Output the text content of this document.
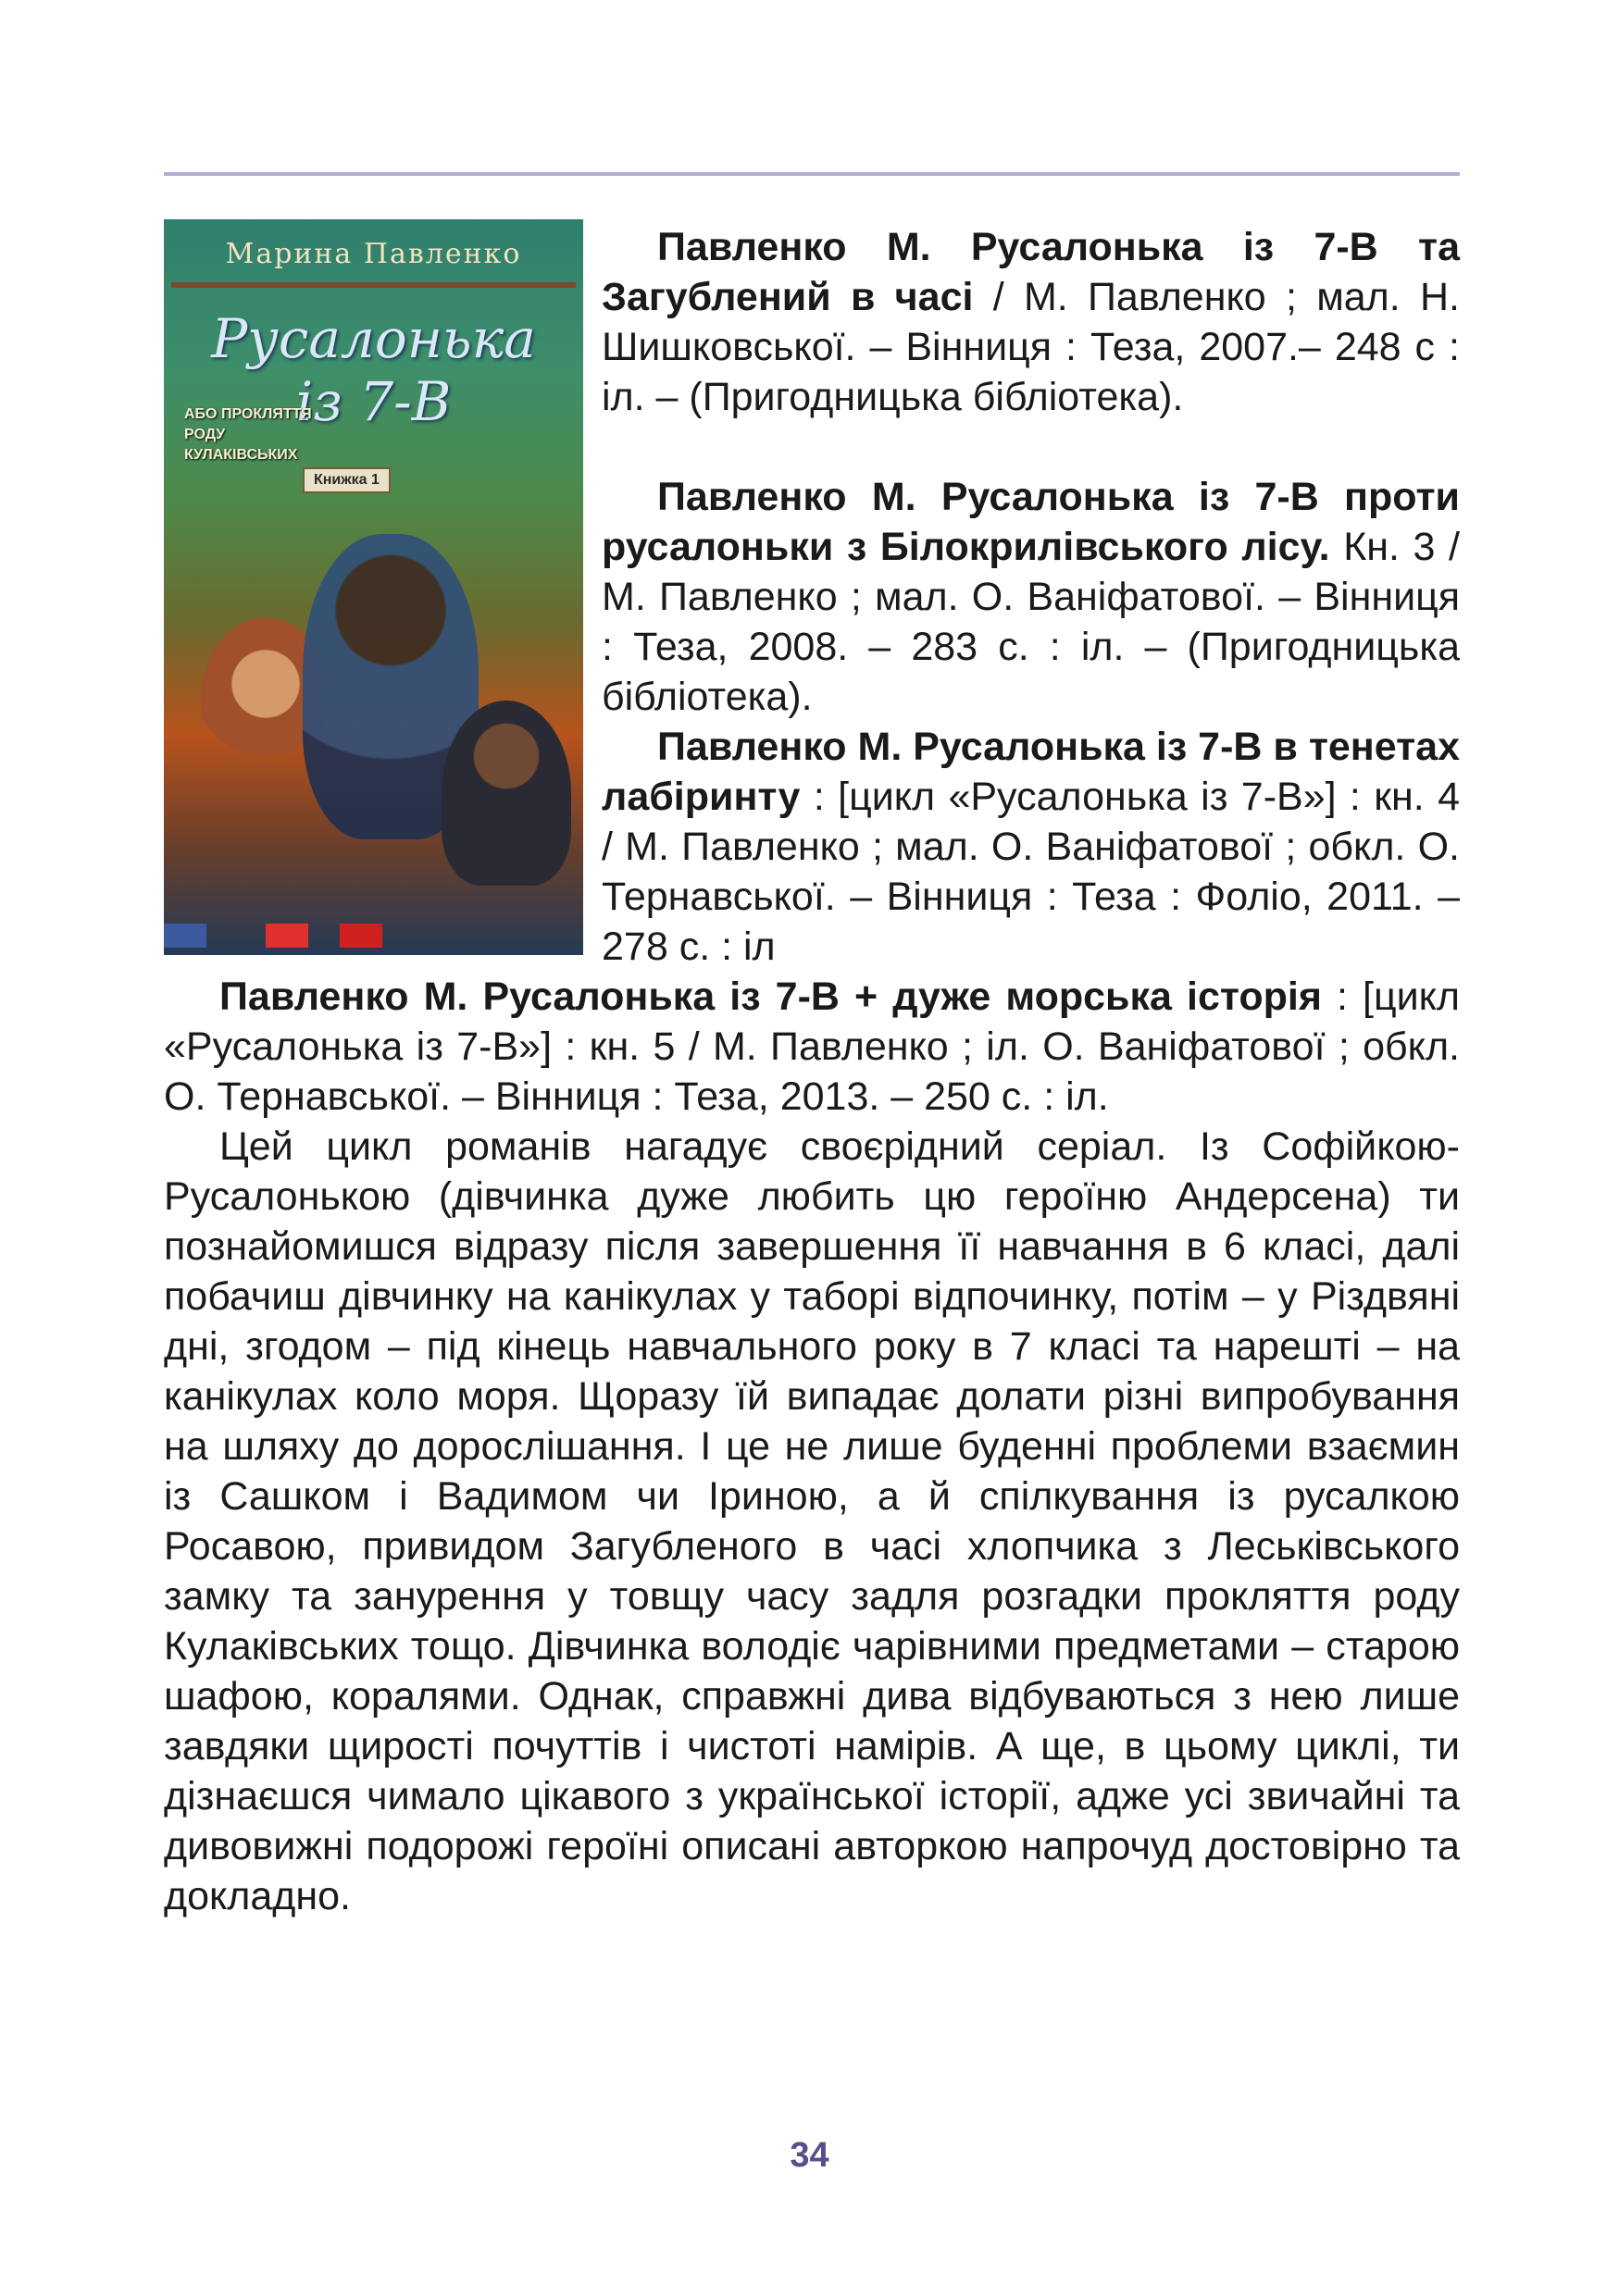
Марина Павленко
Русалонька із 7-В
АБО ПРОКЛЯТТЯ РОДУ КУЛАКІВСЬКИХ
Книжка 1

Павленко М. Русалонька із 7-В та Загублений в часі / М. Павленко ; мал. Н. Шишковської. – Вінниця : Теза, 2007.– 248 с : іл. – (Пригодницька бібліотека).

Павленко М. Русалонька із 7-В проти русалоньки з Білокрилівського лісу. Кн. 3 / М. Павленко ; мал. О. Ваніфатової. – Вінниця : Теза, 2008. – 283 с. : іл. – (Пригодницька бібліотека).

Павленко М. Русалонька із 7-В в тенетах лабіринту : [цикл «Русалонька із 7-В»] : кн. 4 / М. Павленко ; мал. О. Ваніфатової ; обкл. О. Тернавської. – Вінниця : Теза : Фоліо, 2011. – 278 с. : іл

Павленко М. Русалонька із 7-В + дуже морська історія : [цикл «Русалонька із 7-В»] : кн. 5 / М. Павленко ; іл. О. Ваніфатової ; обкл. О. Тернавської. – Вінниця : Теза, 2013. – 250 с. : іл.

Цей цикл романів нагадує своєрідний серіал. Із Софійкою-Русалонькою (дівчинка дуже любить цю героїню Андерсена) ти познайомишся відразу після завершення її навчання в 6 класі, далі побачиш дівчинку на канікулах у таборі відпочинку, потім – у Різдвяні дні, згодом – під кінець навчального року в 7 класі та нарешті – на канікулах коло моря. Щоразу їй випадає долати різні випробування на шляху до дорослішання. І це не лише буденні проблеми взаємин із Сашком і Вадимом чи Іриною, а й спілкування із русалкою Росавою, привидом Загубленого в часі хлопчика з Леськівського замку та занурення у товщу часу задля розгадки прокляття роду Кулаківських тощо. Дівчинка володіє чарівними предметами – старою шафою, коралями. Однак, справжні дива відбуваються з нею лише завдяки щирості почуттів і чистоті намірів. А ще, в цьому циклі, ти дізнаєшся чимало цікавого з української історії, адже усі звичайні та дивовижні подорожі героїні описані авторкою напрочуд достовірно та докладно.

34
